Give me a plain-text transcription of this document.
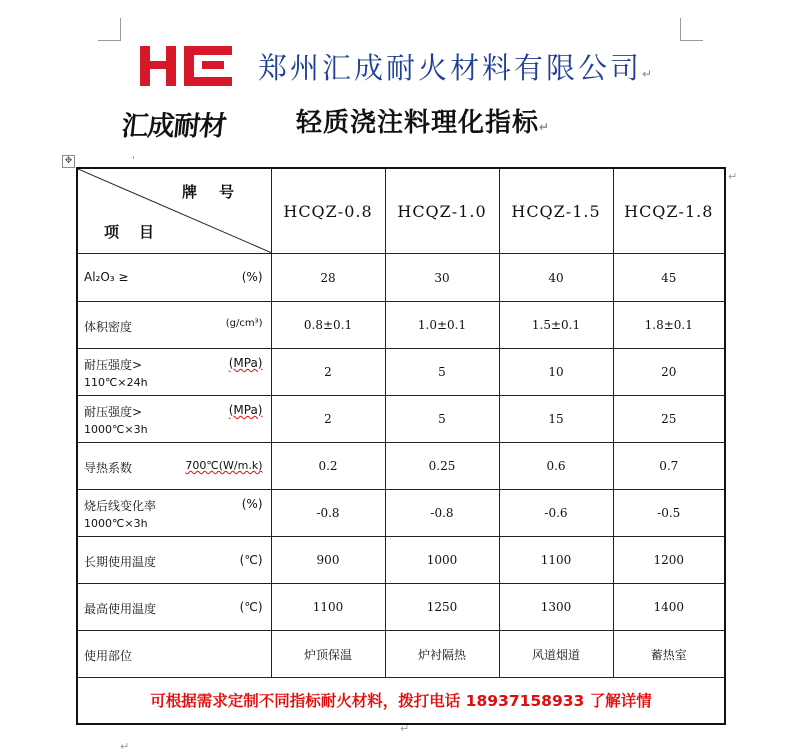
汇成耐材
郑州汇成耐火材料有限公司↵
轻质浇注料理化指标↵
✥	'
↵
牌号
项目	HCQZ-0.8	HCQZ-1.0	HCQZ-1.5	HCQZ-1.8

Al₂O₃ ≥ (%)	28	30	40	45

体积密度 (g/cm³)	0.8±0.1	1.0±0.1	1.5±0.1	1.8±0.1

耐压强度> (MPa)
110℃×24h	2	5	10	20

耐压强度> (MPa)
1000℃×3h	2	5	15	25

导热系数 700℃(W/m.k)	0.2	0.25	0.6	0.7

烧后线变化率 (%)
1000℃×3h	-0.8	-0.8	-0.6	-0.5

长期使用温度 (℃)	900	1000	1100	1200

最高使用温度 (℃)	1100	1250	1300	1400

使用部位	炉顶保温	炉衬隔热	风道烟道	蓄热室
可根据需求定制不同指标耐火材料，拨打电话 18937158933 了解详情				
↵
↵
